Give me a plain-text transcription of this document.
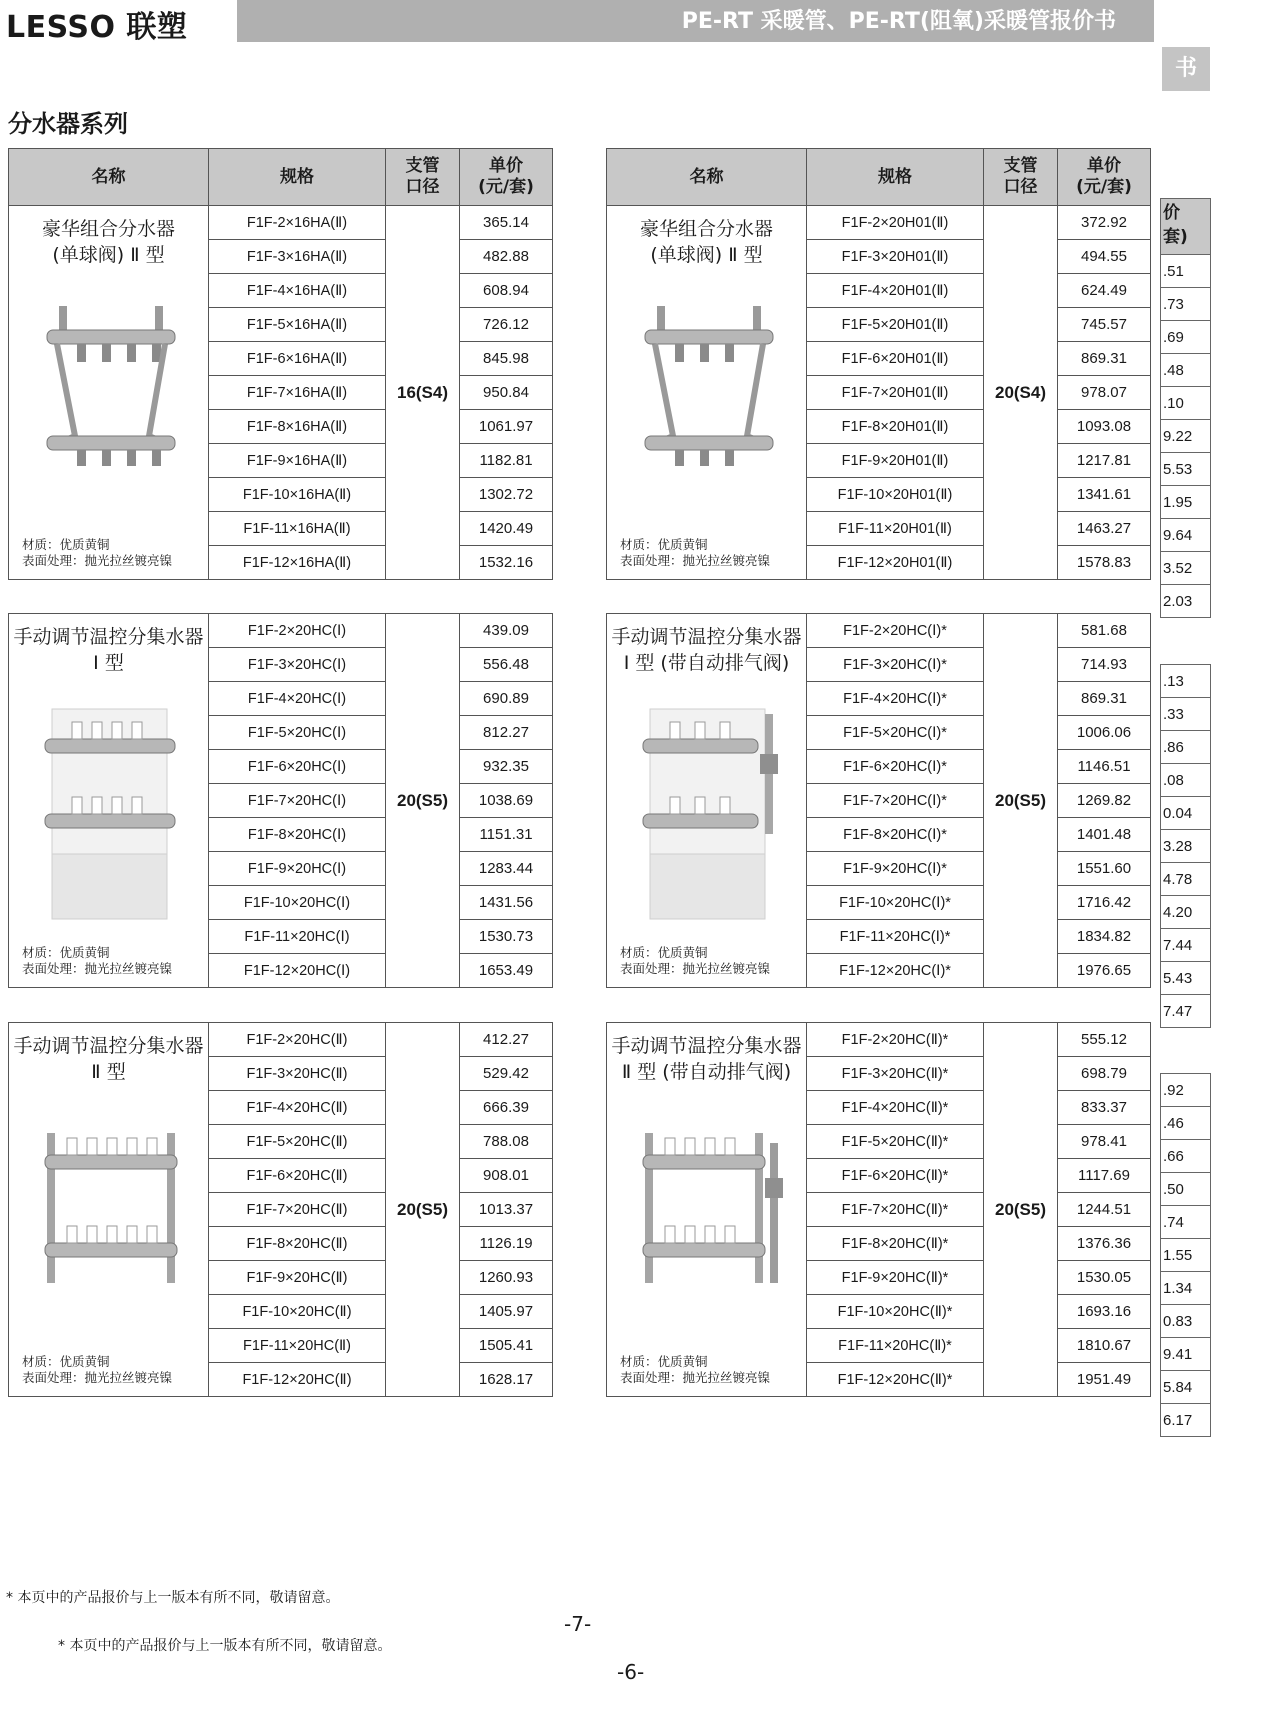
LESSO 联塑	PE-RT 采暖管、PE-RT(阻氧)采暖管报价书
书
分水器系列
名称	规格	支管
口径	单价
(元/套)

豪华组合分水器
(单球阀) Ⅱ 型
材质：优质黄铜
表面处理：抛光拉丝镀亮镍	F1F-2×16HA(Ⅱ)	16(S4)	365.14
	F1F-3×16HA(Ⅱ)		482.88
	F1F-4×16HA(Ⅱ)		608.94
	F1F-5×16HA(Ⅱ)		726.12
	F1F-6×16HA(Ⅱ)		845.98
	F1F-7×16HA(Ⅱ)		950.84
	F1F-8×16HA(Ⅱ)		1061.97
	F1F-9×16HA(Ⅱ)		1182.81
	F1F-10×16HA(Ⅱ)		1302.72
	F1F-11×16HA(Ⅱ)		1420.49
	F1F-12×16HA(Ⅱ)		1532.16
名称	规格	支管
口径	单价
(元/套)

豪华组合分水器
(单球阀) Ⅱ 型
材质：优质黄铜
表面处理：抛光拉丝镀亮镍	F1F-2×20H01(Ⅱ)	20(S4)	372.92
	F1F-3×20H01(Ⅱ)		494.55
	F1F-4×20H01(Ⅱ)		624.49
	F1F-5×20H01(Ⅱ)		745.57
	F1F-6×20H01(Ⅱ)		869.31
	F1F-7×20H01(Ⅱ)		978.07
	F1F-8×20H01(Ⅱ)		1093.08
	F1F-9×20H01(Ⅱ)		1217.81
	F1F-10×20H01(Ⅱ)		1341.61
	F1F-11×20H01(Ⅱ)		1463.27
	F1F-12×20H01(Ⅱ)		1578.83
手动调节温控分集水器
Ⅰ 型
材质：优质黄铜
表面处理：抛光拉丝镀亮镍	F1F-2×20HC(Ⅰ)	20(S5)	439.09
	F1F-3×20HC(Ⅰ)		556.48
	F1F-4×20HC(Ⅰ)		690.89
	F1F-5×20HC(Ⅰ)		812.27
	F1F-6×20HC(Ⅰ)		932.35
	F1F-7×20HC(Ⅰ)		1038.69
	F1F-8×20HC(Ⅰ)		1151.31
	F1F-9×20HC(Ⅰ)		1283.44
	F1F-10×20HC(Ⅰ)		1431.56
	F1F-11×20HC(Ⅰ)		1530.73
	F1F-12×20HC(Ⅰ)		1653.49
手动调节温控分集水器
Ⅰ 型 (带自动排气阀)
材质：优质黄铜
表面处理：抛光拉丝镀亮镍	F1F-2×20HC(Ⅰ)*	20(S5)	581.68
	F1F-3×20HC(Ⅰ)*		714.93
	F1F-4×20HC(Ⅰ)*		869.31
	F1F-5×20HC(Ⅰ)*		1006.06
	F1F-6×20HC(Ⅰ)*		1146.51
	F1F-7×20HC(Ⅰ)*		1269.82
	F1F-8×20HC(Ⅰ)*		1401.48
	F1F-9×20HC(Ⅰ)*		1551.60
	F1F-10×20HC(Ⅰ)*		1716.42
	F1F-11×20HC(Ⅰ)*		1834.82
	F1F-12×20HC(Ⅰ)*		1976.65
手动调节温控分集水器
Ⅱ 型
材质：优质黄铜
表面处理：抛光拉丝镀亮镍	F1F-2×20HC(Ⅱ)	20(S5)	412.27
	F1F-3×20HC(Ⅱ)		529.42
	F1F-4×20HC(Ⅱ)		666.39
	F1F-5×20HC(Ⅱ)		788.08
	F1F-6×20HC(Ⅱ)		908.01
	F1F-7×20HC(Ⅱ)		1013.37
	F1F-8×20HC(Ⅱ)		1126.19
	F1F-9×20HC(Ⅱ)		1260.93
	F1F-10×20HC(Ⅱ)		1405.97
	F1F-11×20HC(Ⅱ)		1505.41
	F1F-12×20HC(Ⅱ)		1628.17
手动调节温控分集水器
Ⅱ 型 (带自动排气阀)
材质：优质黄铜
表面处理：抛光拉丝镀亮镍	F1F-2×20HC(Ⅱ)*	20(S5)	555.12
	F1F-3×20HC(Ⅱ)*		698.79
	F1F-4×20HC(Ⅱ)*		833.37
	F1F-5×20HC(Ⅱ)*		978.41
	F1F-6×20HC(Ⅱ)*		1117.69
	F1F-7×20HC(Ⅱ)*		1244.51
	F1F-8×20HC(Ⅱ)*		1376.36
	F1F-9×20HC(Ⅱ)*		1530.05
	F1F-10×20HC(Ⅱ)*		1693.16
	F1F-11×20HC(Ⅱ)*		1810.67
	F1F-12×20HC(Ⅱ)*		1951.49
价
套)
.51
.73
.69
.48
.10
9.22
5.53
1.95
9.64
3.52
2.03
.13
.33
.86
.08
0.04
3.28
4.78
4.20
7.44
5.43
7.47
.92
.46
.66
.50
.74
1.55
1.34
0.83
9.41
5.84
6.17
* 本页中的产品报价与上一版本有所不同，敬请留意。
-7-
* 本页中的产品报价与上一版本有所不同，敬请留意。
-6-
